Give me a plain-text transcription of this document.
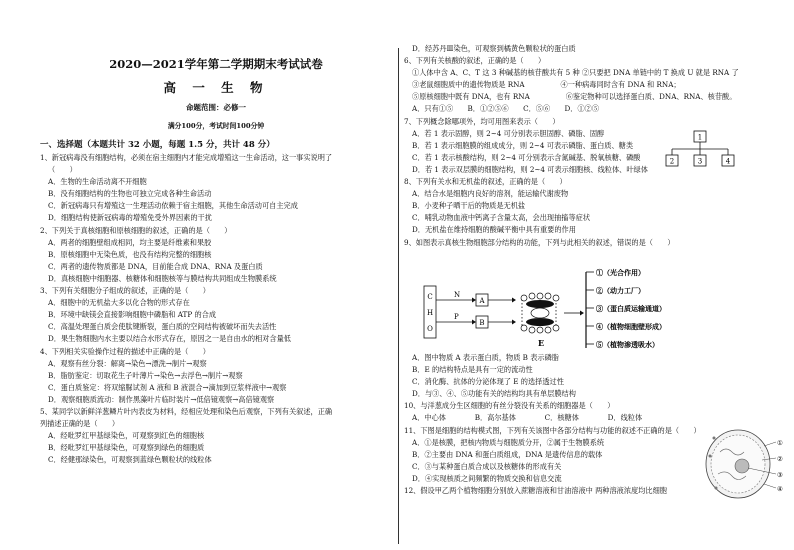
2020—2021学年第二学期期末考试试卷
高 一 生 物
命题范围：必修一
满分100分，考试时间100分钟

一、选择题（本题共计 32 小题，每题 1.5 分，共计 48 分）

1、新冠病毒没有细胞结构，必须在宿主细胞内才能完成增殖这一生命活动，这一事实说明了

（　　）

A．生物的生命活动离不开细胞

B．没有细胞结构的生物也可独立完成各种生命活动

C．新冠病毒只有增殖这一生理活动依赖于宿主细胞，其他生命活动可自主完成

D．细胞结构使新冠病毒的增殖免受外界因素的干扰

2、下列关于真核细胞和原核细胞的叙述，正确的是（　　）

A．两者的细胞壁组成相同，均主要是纤维素和果胶

B．原核细胞中无染色质，也没有结构完整的细胞核

C．两者的遗传物质都是 DNA，目前能合成 DNA、RNA 及蛋白质

D．真核细胞中细胞器、核糖体和细胞核等与膜结构共同组成生物膜系统

3、下列有关细胞分子组成的叙述，正确的是（　　）

A．细胞中的无机盐大多以化合物的形式存在

B．环境中缺镁会直接影响细胞中磷脂和 ATP 的合成

C．高温处理蛋白质会使肽键断裂，蛋白质的空间结构被破坏而失去活性

D．果生物细胞内水主要以结合水形式存在，原因之一是自由水的相对含量低

4、下列相关实验操作过程的描述中正确的是（　　）

A．观察有丝分裂：解离→染色→漂洗→制片→观察

B．脂肪鉴定：切取花生子叶薄片→染色→去浮色→制片→观察

C．蛋白质鉴定：将双缩脲试剂 A 液和 B 液混合→滴加到豆浆样液中→观察

D．观察细胞质流动：制作黑藻叶片临时装片→低倍镜观察→高倍镜观察

5、某同学以新鲜洋葱鳞片叶内表皮为材料，经相应处理和染色后观察，下列有关叙述，正确

列描述正确的是（　　）

A．经吡罗红甲基绿染色，可观察到红色的细胞核

B．经吡罗红甲基绿染色，可观察到绿色的细胞质

C．经健那绿染色，可观察到蓝绿色颗粒状的线粒体

D．经苏丹Ⅲ染色，可观察到橘黄色颗粒状的蛋白质

6、下列有关核酸的叙述，正确的是（　　）

①人体中含 A、C、T 这 3 种碱基的核苷酸共有 5 种 ②只要把 DNA 单链中的 T 换成 U 就是 RNA 了

③老鼠细胞质中的遗传物质是 RNA　　　　　④一种病毒同时含有 DNA 和 RNA；

⑤原核细胞中既有 DNA，也有 RNA　　　　　⑥鉴定物种可以选择蛋白质、DNA、RNA、核苷酸。

A．只有①⑤　　B．①②⑤⑥　　C．⑤⑥　　D．①②⑤

7、下列概念除哪项外，均可用图来表示（　　）

A．若 1 表示固醇，则 2~4 可分别表示胆固醇、磷脂、固醇

B．若 1 表示细胞膜的组成成分，则 2~4 可表示磷脂、蛋白质、糖类

C．若 1 表示核酸结构，则 2~4 可分别表示含氮碱基、脱氧核糖、磷酸

D．若 1 表示双层膜的细胞结构，则 2~4 可表示细胞核、线粒体、叶绿体

8、下列有关水和无机盐的叙述，正确的是（　　）

A．结合水是细胞内良好的溶剂，能运输代谢废物

B．小麦种子晒干后的物质是无机盐

C．哺乳动物血液中钙离子含量太高，会出现抽搐等症状

D．无机盐在维持细胞的酸碱平衡中具有重要的作用

9、如图表示真核生物细胞部分结构的功能，下列与此相关的叙述，错误的是（　　）

A．图中物质 A 表示蛋白质，物质 B 表示磷脂

B．E 的结构特点是具有一定的流动性

C．消化酶、抗体的分泌体现了 E 的选择透过性

D．与③、④、⑤功能有关的结构均具有单层膜结构

10、与洋葱成分生区细胞的有丝分裂没有关系的细胞器是（　　）

A．中心体　　　　B．高尔基体　　　　C．核糖体　　　　D．线粒体

11、下图是细胞的结构模式图，下列有关该图中各部分结构与功能的叙述不正确的是（　　）

A．①是核膜，把核内物质与细胞质分开，②属于生物膜系统

B．②主要由 DNA 和蛋白质组成，DNA 是遗传信息的载体

C．③与某种蛋白质合成以及核糖体的形成有关

D．④实现核质之间频繁的物质交换和信息交流

12、假设甲乙两个植物细胞分别放入蔗糖溶液和甘油溶液中 两种溶液浓度均比细胞

1
2	3	4
C
H
O
N
P
A
B
E
①（光合作用）
②（动力工厂）
③（蛋白质运输通道）
④（植物细胞壁形成）
⑤（植物渗透吸水）
①
②
③
④
